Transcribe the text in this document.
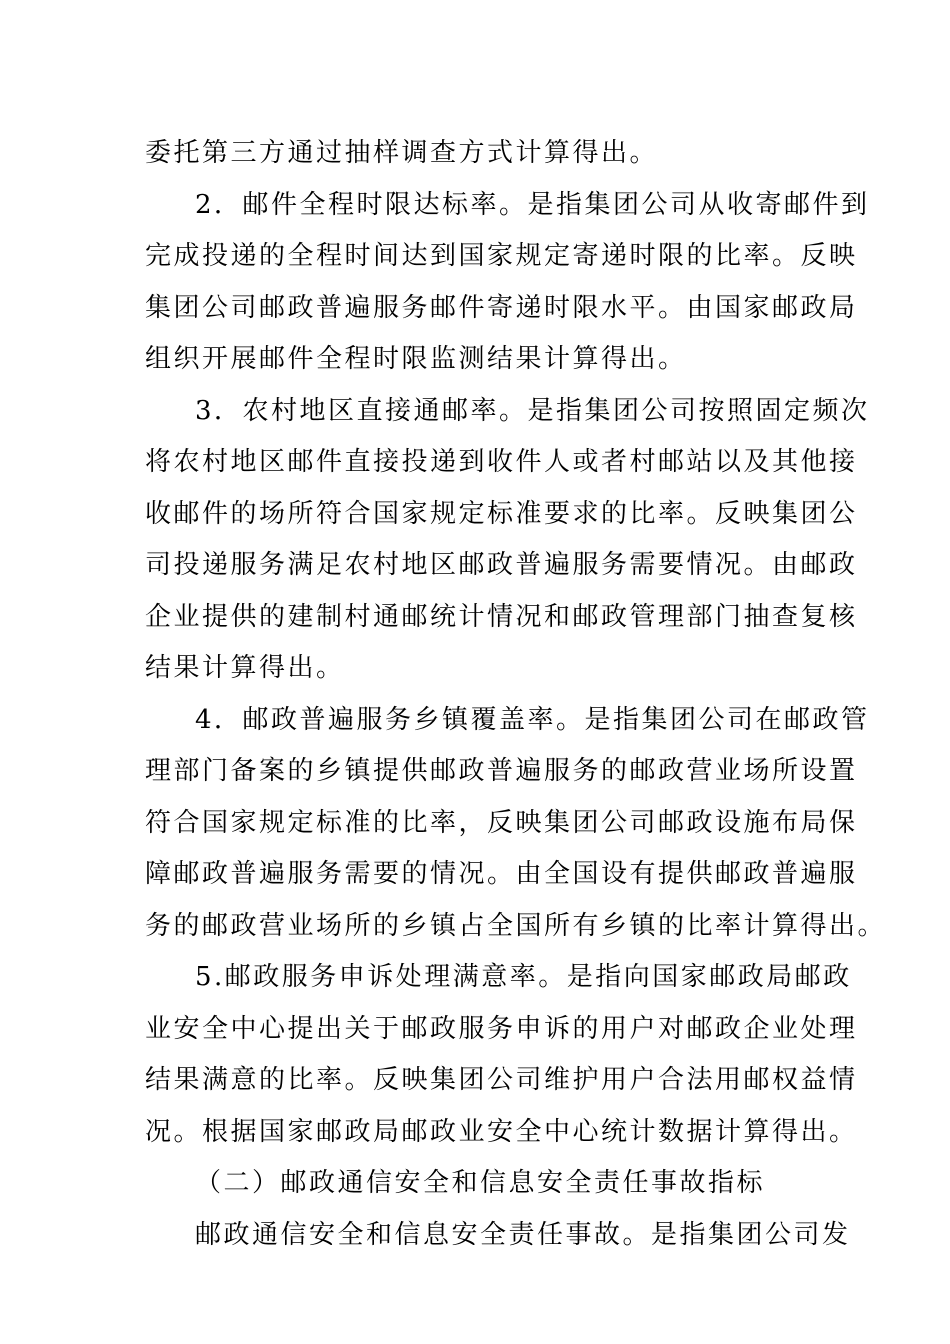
委托第三方通过抽样调查方式计算得出。
2．邮件全程时限达标率。是指集团公司从收寄邮件到
完成投递的全程时间达到国家规定寄递时限的比率。反映
集团公司邮政普遍服务邮件寄递时限水平。由国家邮政局
组织开展邮件全程时限监测结果计算得出。
3．农村地区直接通邮率。是指集团公司按照固定频次
将农村地区邮件直接投递到收件人或者村邮站以及其他接
收邮件的场所符合国家规定标准要求的比率。反映集团公
司投递服务满足农村地区邮政普遍服务需要情况。由邮政
企业提供的建制村通邮统计情况和邮政管理部门抽查复核
结果计算得出。
4．邮政普遍服务乡镇覆盖率。是指集团公司在邮政管
理部门备案的乡镇提供邮政普遍服务的邮政营业场所设置
符合国家规定标准的比率，反映集团公司邮政设施布局保
障邮政普遍服务需要的情况。由全国设有提供邮政普遍服
务的邮政营业场所的乡镇占全国所有乡镇的比率计算得出。
5.邮政服务申诉处理满意率。是指向国家邮政局邮政
业安全中心提出关于邮政服务申诉的用户对邮政企业处理
结果满意的比率。反映集团公司维护用户合法用邮权益情
况。根据国家邮政局邮政业安全中心统计数据计算得出。
（二）邮政通信安全和信息安全责任事故指标
邮政通信安全和信息安全责任事故。是指集团公司发
